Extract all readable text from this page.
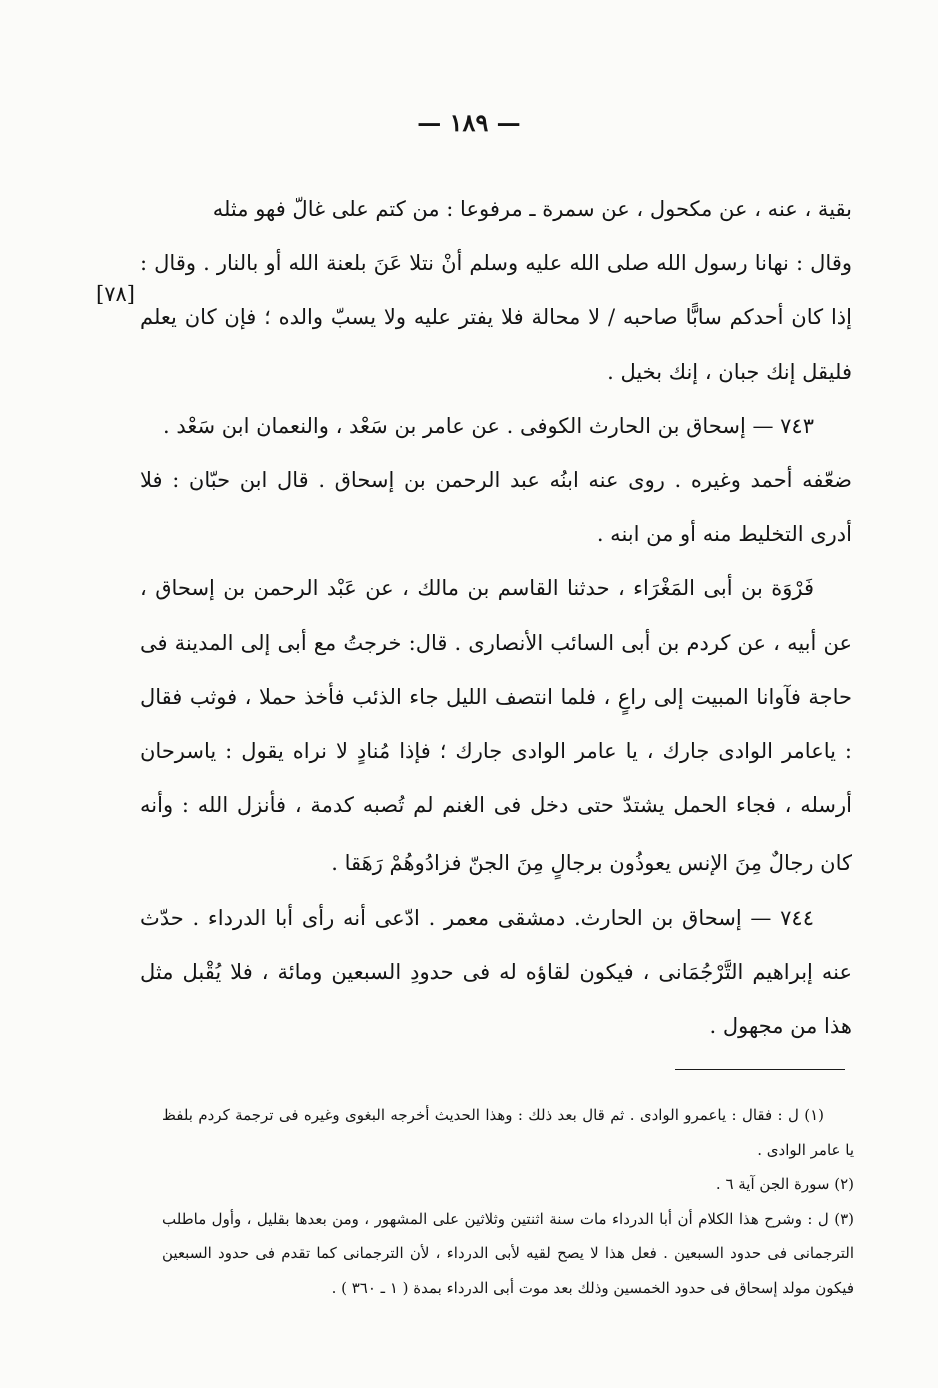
— ١٨٩ —
[٧٨]

بقية ، عنه ، عن مكحول ، عن سمرة ـ مرفوعا : من كتم على غالّ فهو مثله

وقال : نهانا رسول الله صلى الله عليه وسلم أنْ نتلا عَنَ بلعنة الله أو بالنار . وقال : إذا كان أحدكم سابًّا صاحبه / لا محالة فلا يفتر عليه ولا يسبّ والده ؛ فإن كان يعلم فليقل إنك جبان ، إنك بخيل .

٧٤٣ — إسحاق بن الحارث الكوفى . عن عامر بن سَعْد ، والنعمان ابن سَعْد .

ضعّفه أحمد وغيره . روى عنه ابنُه عبد الرحمن بن إسحاق . قال ابن حبّان : فلا أدرى التخليط منه أو من ابنه .

فَرْوَة بن أبى المَغْرَاء ، حدثنا القاسم بن مالك ، عن عَبْد الرحمن بن إسحاق ، عن أبيه ، عن كردم بن أبى السائب الأنصارى . قال: خرجتُ مع أبى إلى المدينة فى حاجة فآوانا المبيت إلى راعٍ ، فلما انتصف الليل جاء الذئب فأخذ حملا ، فوثب فقال : ياعامر الوادى جارك ، يا عامر الوادى جارك ؛ فإذا مُنادٍ لا نراه يقول : ياسرحان أرسله ، فجاء الحمل يشتدّ حتى دخل فى الغنم لم تُصبه كدمة ، فأنزل الله : وأنه كان رجالٌ مِنَ الإنس يعوذُون برجالٍ مِنَ الجنّ فزادُوهُمْ رَهَقا .

٧٤٤ — إسحاق بن الحارث. دمشقى معمر . ادّعى أنه رأى أبا الدرداء . حدّث عنه إبراهيم التَّرْجُمَانى ، فيكون لقاؤه له فى حدودِ السبعين ومائة ، فلا يُقْبل مثل هذا من مجهول .

(١) ل : فقال : ياعمرو الوادى . ثم قال بعد ذلك : وهذا الحديث أخرجه البغوى وغيره فى ترجمة كردم بلفظ يا عامر الوادى .

(٢) سورة الجن آية ٦ .

(٣) ل : وشرح هذا الكلام أن أبا الدرداء مات سنة اثنتين وثلاثين على المشهور ، ومن بعدها بقليل ، وأول ماطلب الترجمانى فى حدود السبعين . فعل هذا لا يصح لقيه لأبى الدرداء ، لأن الترجمانى كما تقدم فى حدود السبعين فيكون مولد إسحاق فى حدود الخمسين وذلك بعد موت أبى الدرداء بمدة ( ١ ـ ٣٦٠ ) .
